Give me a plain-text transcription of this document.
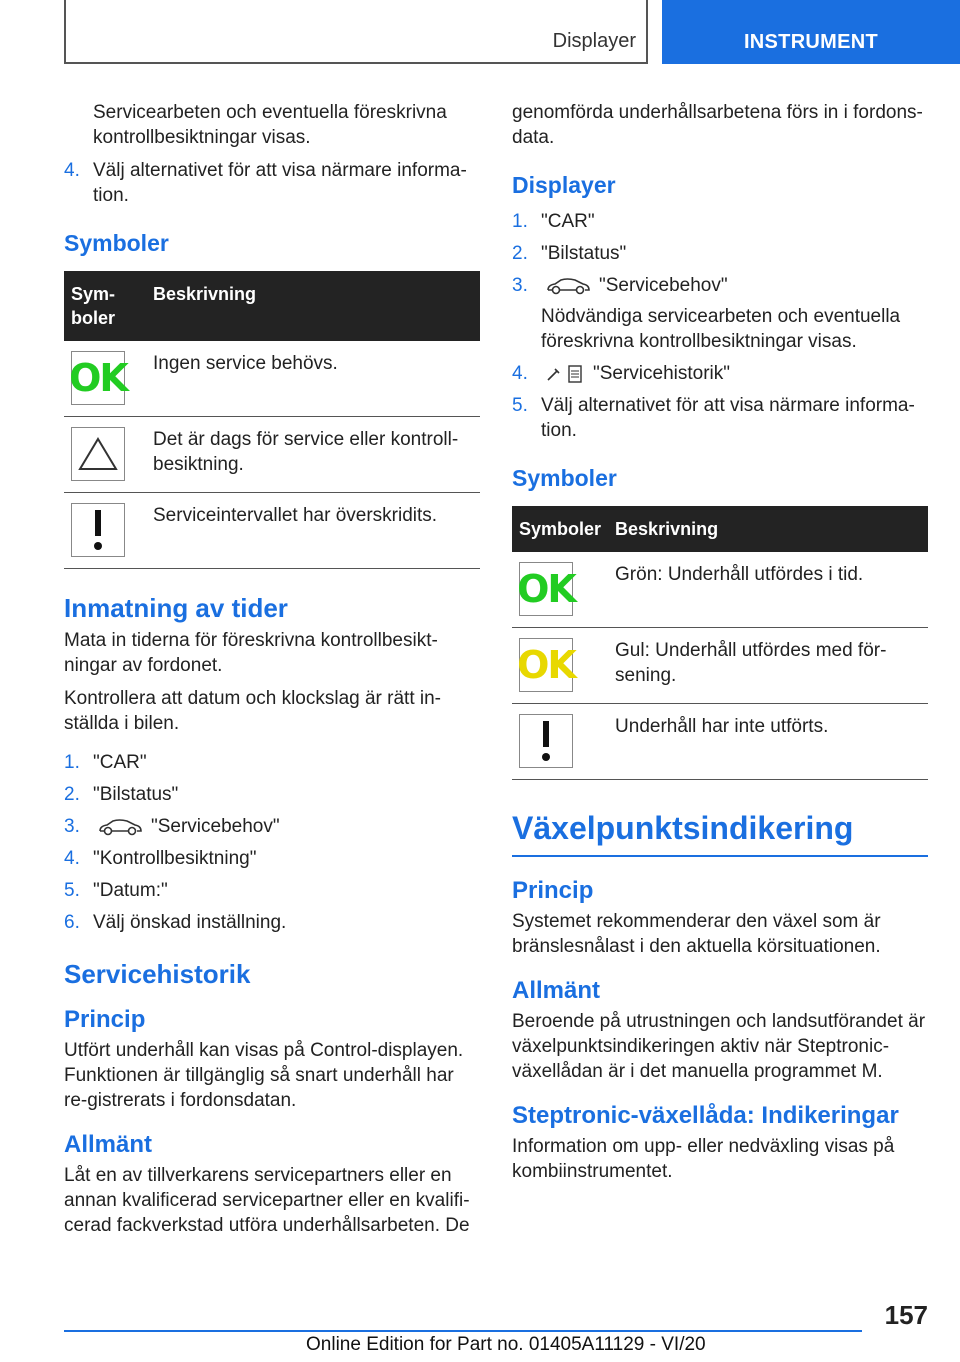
Displayer	INSTRUMENT

Servicearbeten och eventuella föreskrivna kontrollbesiktningar visas.

4. Välj alternativet för att visa närmare informa‐tion.
Symboler
Sym‐boler	Beskrivning

OK	Ingen service behövs.

	Det är dags för service eller kontroll‐besiktning.

	Serviceintervallet har överskridits.
Inmatning av tider

Mata in tiderna för föreskrivna kontrollbesikt‐ningar av fordonet.

Kontrollera att datum och klockslag är rätt in‐ställda i bilen.

1. "CAR"
2. "Bilstatus"
3.	"Servicebehov"
4. "Kontrollbesiktning"
5. "Datum:"
6. Välj önskad inställning.
Servicehistorik
Princip

Utfört underhåll kan visas på Control-displayen. Funktionen är tillgänglig så snart underhåll har re‐gistrerats i fordonsdatan.

Allmänt

Låt en av tillverkarens servicepartners eller en annan kvalificerad servicepartner eller en kvalifi‐cerad fackverkstad utföra underhållsarbeten. De

genomförda underhållsarbetena förs in i fordons‐data.

Displayer
1. "CAR"
2. "Bilstatus"
3.	"Servicebehov"
Nödvändiga servicearbeten och eventuella föreskrivna kontrollbesiktningar visas.
4.	"Servicehistorik"
5. Välj alternativet för att visa närmare informa‐tion.
Symboler
Symboler	Beskrivning

OK	Grön: Underhåll utfördes i tid.

OK	Gul: Underhåll utfördes med för‐sening.

	Underhåll har inte utförts.
Växelpunktsindikering
Princip

Systemet rekommenderar den växel som är bränslesnålast i den aktuella körsituationen.

Allmänt

Beroende på utrustningen och landsutförandet är växelpunktsindikeringen aktiv när Steptronic-växellådan är i det manuella programmet M.

Steptronic-växellåda: Indikeringar

Information om upp- eller nedväxling visas på kombiinstrumentet.

157
Online Edition for Part no. 01405A11129 - VI/20
